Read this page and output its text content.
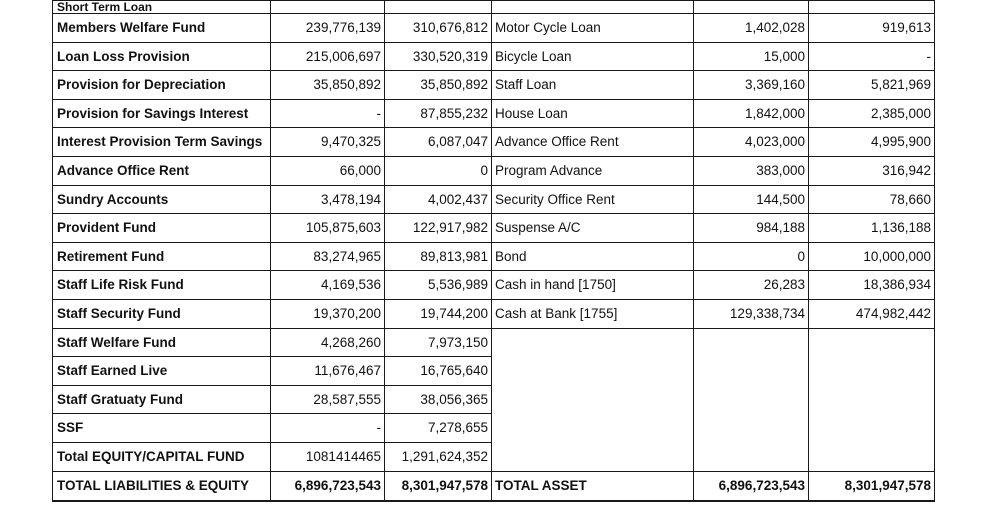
Short Term Loan					
Members Welfare Fund	239,776,139	310,676,812	Motor Cycle Loan	1,402,028	919,613
Loan Loss Provision	215,006,697	330,520,319	Bicycle Loan	15,000	-
Provision for Depreciation	35,850,892	35,850,892	Staff Loan	3,369,160	5,821,969
Provision for Savings Interest	-	87,855,232	House Loan	1,842,000	2,385,000
Interest Provision Term Savings	9,470,325	6,087,047	Advance Office Rent	4,023,000	4,995,900
Advance Office Rent	66,000	0	Program Advance	383,000	316,942
Sundry Accounts	3,478,194	4,002,437	Security Office Rent	144,500	78,660
Provident Fund	105,875,603	122,917,982	Suspense A/C	984,188	1,136,188
Retirement Fund	83,274,965	89,813,981	Bond	0	10,000,000
Staff Life Risk Fund	4,169,536	5,536,989	Cash in hand [1750]	26,283	18,386,934
Staff Security Fund	19,370,200	19,744,200	Cash at Bank [1755]	129,338,734	474,982,442
Staff Welfare Fund	4,268,260	7,973,150			
Staff Earned Live	11,676,467	16,765,640			
Staff Gratuaty Fund	28,587,555	38,056,365			
SSF	-	7,278,655			
Total EQUITY/CAPITAL FUND	1081414465	1,291,624,352			
TOTAL LIABILITIES & EQUITY	6,896,723,543	8,301,947,578	TOTAL ASSET	6,896,723,543	8,301,947,578
